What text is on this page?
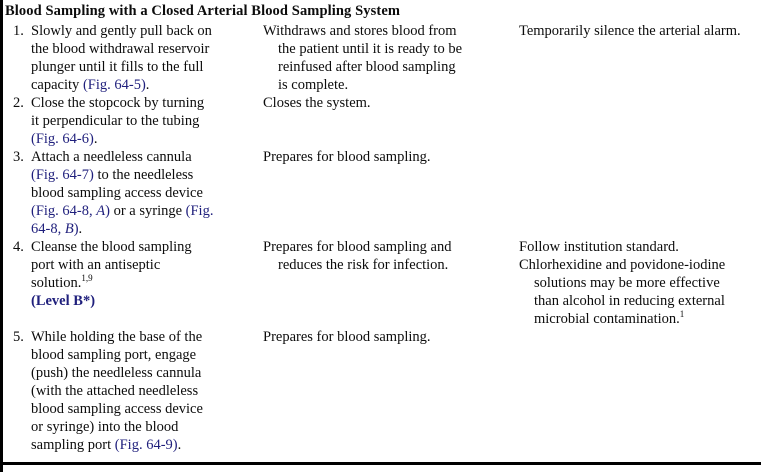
Blood Sampling with a Closed Arterial Blood Sampling System
1. Slowly and gently pull back on the blood withdrawal reservoir plunger until it fills to the full capacity (Fig. 64-5).
Withdraws and stores blood from the patient until it is ready to be reinfused after blood sampling is complete.
Temporarily silence the arterial alarm.
2. Close the stopcock by turning it perpendicular to the tubing (Fig. 64-6).
Closes the system.
3. Attach a needleless cannula (Fig. 64-7) to the needleless blood sampling access device (Fig. 64-8, A) or a syringe (Fig. 64-8, B).
Prepares for blood sampling.
4. Cleanse the blood sampling port with an antiseptic solution.$^{1,9}$
(Level B*)
Prepares for blood sampling and reduces the risk for infection.
Follow institution standard.
Chlorhexidine and povidone-iodine solutions may be more effective than alcohol in reducing external microbial contamination.$^1$
5. While holding the base of the blood sampling port, engage (push) the needleless cannula (with the attached needleless blood sampling access device or syringe) into the blood sampling port (Fig. 64-9).
Prepares for blood sampling.
